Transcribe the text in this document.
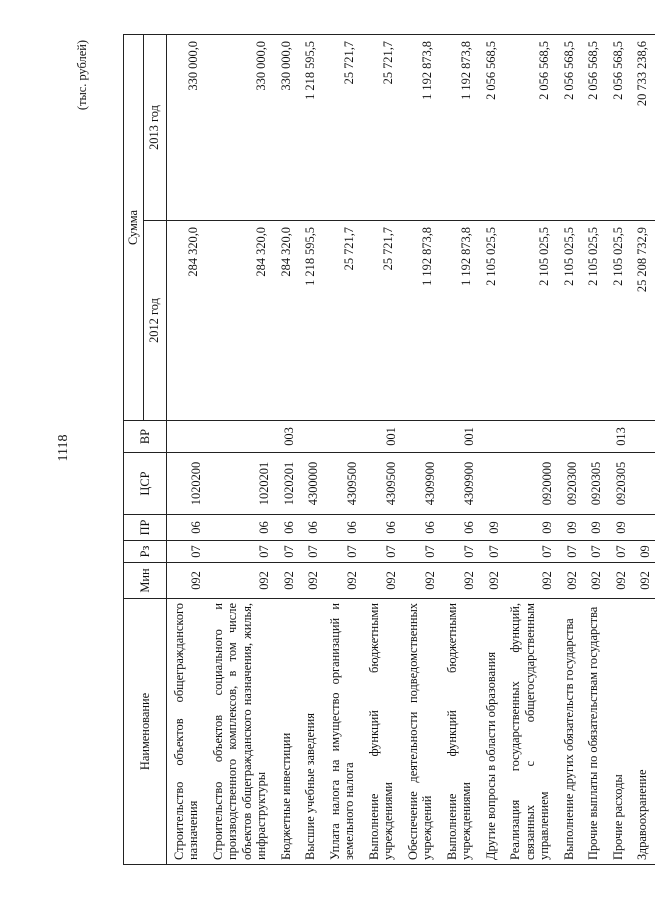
1118
(тыс. рублей)
Наименование	Мин	Рз	ПР	ЦСР	ВР	Сумма	
						2012 год	2013 год
Строительство объектов общегражданского назначения	092	07	06	1020200		284 320,0	330 000,0
Строительство объектов социального и производственного комплексов, в том числе объектов общегражданского назначения, жилья, инфраструктуры	092	07	06	1020201		284 320,0	330 000,0
Бюджетные инвестиции	092	07	06	1020201	003	284 320,0	330 000,0
Высшие учебные заведения	092	07	06	4300000		1 218 595,5	1 218 595,5
Уплата налога на имущество организаций и земельного налога	092	07	06	4309500		25 721,7	25 721,7
Выполнение функций бюджетными учреждениями	092	07	06	4309500	001	25 721,7	25 721,7
Обеспечение деятельности подведомственных учреждений	092	07	06	4309900		1 192 873,8	1 192 873,8
Выполнение функций бюджетными учреждениями	092	07	06	4309900	001	1 192 873,8	1 192 873,8
Другие вопросы в области образования	092	07	09			2 105 025,5	2 056 568,5
Реализация государственных функций, связанных с общегосударственным управлением	092	07	09	0920000		2 105 025,5	2 056 568,5
Выполнение других обязательств государства	092	07	09	0920300		2 105 025,5	2 056 568,5
Прочие выплаты по обязательствам государства	092	07	09	0920305		2 105 025,5	2 056 568,5
Прочие расходы	092	07	09	0920305	013	2 105 025,5	2 056 568,5
Здравоохранение	092	09				25 208 732,9	20 733 238,6
